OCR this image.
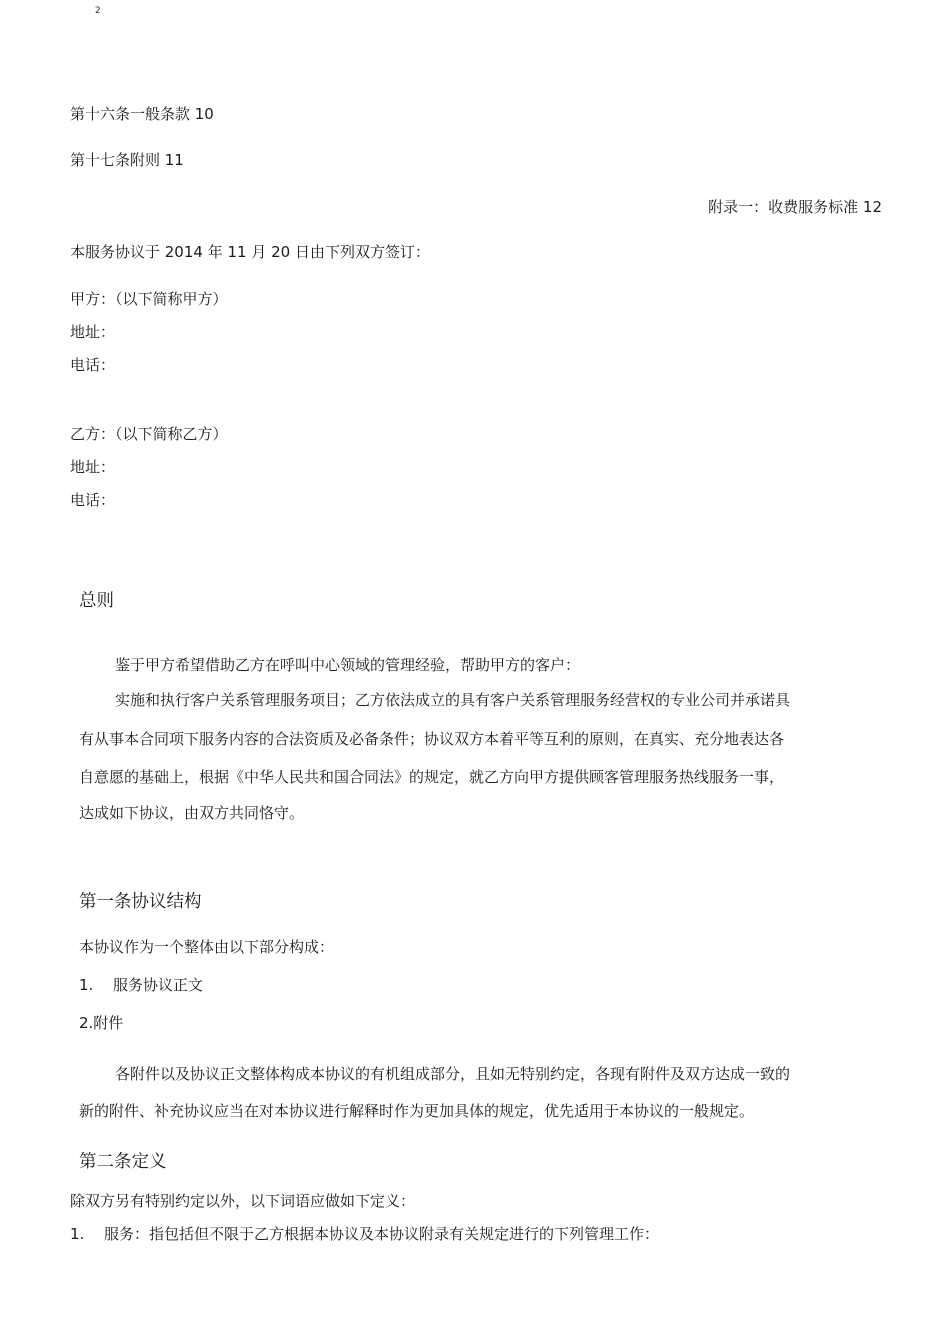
2
第十六条一般条款 10
第十七条附则 11
附录一：收费服务标准 12
本服务协议于 2014 年 11 月 20 日由下列双方签订：
甲方：（以下简称甲方）
地址：
电话：
乙方：（以下简称乙方）
地址：
电话：
总则
鉴于甲方希望借助乙方在呼叫中心领域的管理经验，帮助甲方的客户：
实施和执行客户关系管理服务项目；乙方依法成立的具有客户关系管理服务经营权的专业公司并承诺具
有从事本合同项下服务内容的合法资质及必备条件；协议双方本着平等互利的原则，在真实、充分地表达各
自意愿的基础上，根据《中华人民共和国合同法》的规定，就乙方向甲方提供顾客管理服务热线服务一事，
达成如下协议，由双方共同恪守。
第一条协议结构
本协议作为一个整体由以下部分构成：
1. 服务协议正文
2.附件
各附件以及协议正文整体构成本协议的有机组成部分，且如无特别约定，各现有附件及双方达成一致的
新的附件、补充协议应当在对本协议进行解释时作为更加具体的规定，优先适用于本协议的一般规定。
第二条定义
除双方另有特别约定以外，以下词语应做如下定义：
1. 服务：指包括但不限于乙方根据本协议及本协议附录有关规定进行的下列管理工作：
